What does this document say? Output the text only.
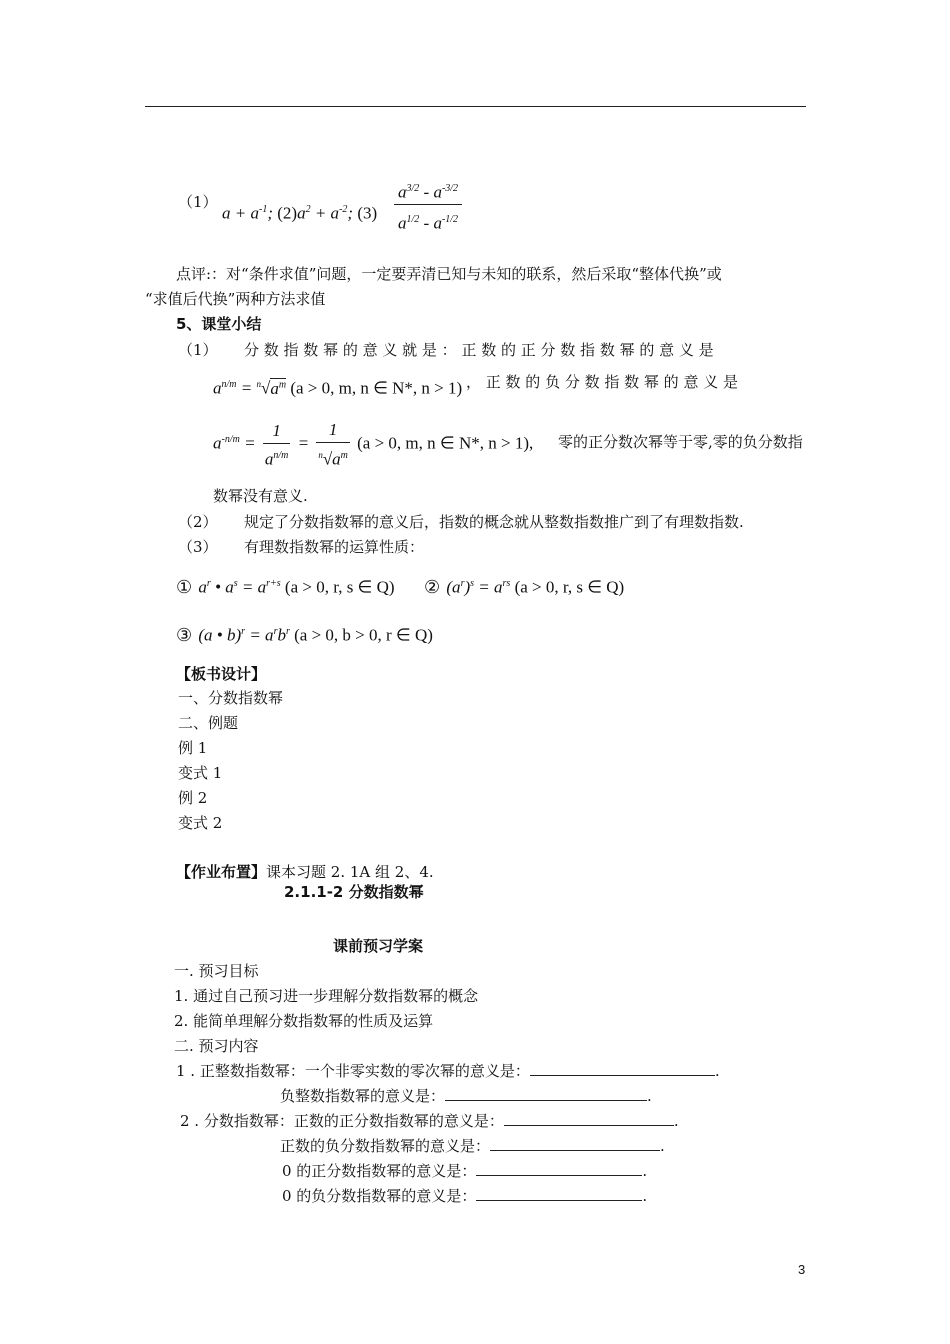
（1）
$a + a^{-1}$; $(2)a^2 + a^{-2}$; (3)
$a^{3/2} - a^{-3/2}$
$a^{1/2} - a^{-1/2}$
点评:：对“条件求值”问题，一定要弄清已知与未知的联系，然后采取“整体代换”或
“求值后代换”两种方法求值
5、课堂小结
（1） 分 数 指 数 幂 的 意 义 就 是 ： 正 数 的 正 分 数 指 数 幂 的 意 义 是
$a^{n/m} = ^n√a^m$ (a > 0, m, n ∈ N*, n > 1) ， 正 数 的 负 分 数 指 数 幂 的 意 义 是
$a^{-n/m} = \frac{1}{a^{n/m}} = \frac{1}{^n√a^m} (a > 0$, m, n ∈ N*, n > 1), 零的正分数次幂等于零,零的负分数指
数幂没有意义.
（2） 规定了分数指数幂的意义后，指数的概念就从整数指数推广到了有理数指数.
（3） 有理数指数幂的运算性质：
① $a^r$ • $a^s = a^{r+s}$ (a > 0, r, s ∈ Q) ② $(a^r)^s = a^{rs}$ (a > 0, r, s ∈ Q)
③ (a • $b)^r = a^rb^r$ (a > 0, b > 0, r ∈ Q)
【板书设计】
一、分数指数幂
二、例题
例 1
变式 1
例 2
变式 2
【作业布置】课本习题 2. 1A 组 2、4.
2.1.1-2 分数指数幂
课前预习学案
一. 预习目标
1. 通过自己预习进一步理解分数指数幂的概念
2. 能简单理解分数指数幂的性质及运算
二. 预习内容
1 . 正整数指数幂：一个非零实数的零次幂的意义是：	.
负整数指数幂的意义是：	.
2 . 分数指数幂：正数的正分数指数幂的意义是：	.
正数的负分数指数幂的意义是：	.
0 的正分数指数幂的意义是：	.
0 的负分数指数幂的意义是：	.
3
